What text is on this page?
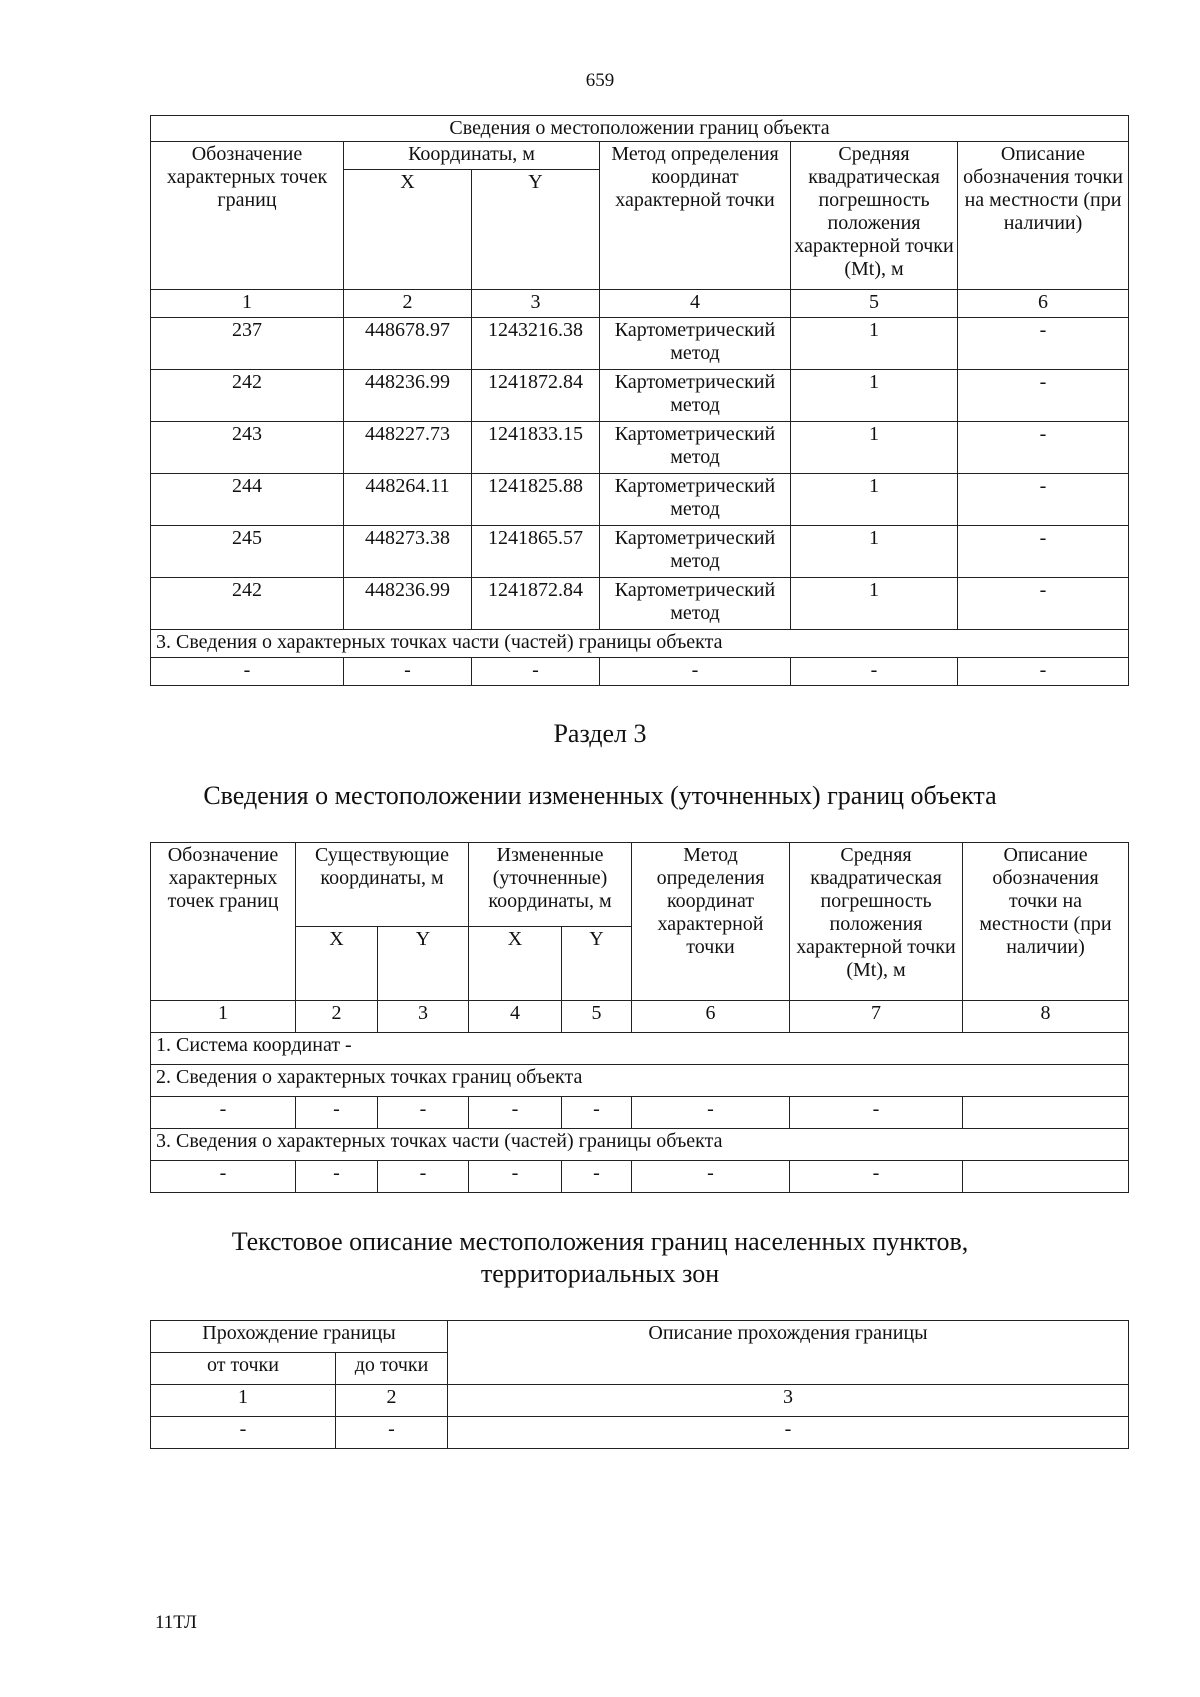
659
Сведения о местоположении границ объекта					
Обозначение характерных точек границ	Координаты, м		Метод определения координат характерной точки	Средняя квадратическая погрешность положения характерной точки (Mt), м	Описание обозначения точки на местности (при наличии)
	X	Y			
1	2	3	4	5	6
237	448678.97	1243216.38	Картометрический метод	1	-
242	448236.99	1241872.84	Картометрический метод	1	-
243	448227.73	1241833.15	Картометрический метод	1	-
244	448264.11	1241825.88	Картометрический метод	1	-
245	448273.38	1241865.57	Картометрический метод	1	-
242	448236.99	1241872.84	Картометрический метод	1	-
3. Сведения о характерных точках части (частей) границы объекта					
-	-	-	-	-	-
Раздел 3
Сведения о местоположении измененных (уточненных) границ объекта
Обозначение характерных точек границ	Существующие координаты, м		Измененные (уточненные) координаты, м		Метод определения координат характерной точки	Средняя квадратическая погрешность положения характерной точки (Mt), м	Описание обозначения точки на местности (при наличии)
	X	Y	X	Y			
1	2	3	4	5	6	7	8
1. Система координат -							
2. Сведения о характерных точках границ объекта							
-	-	-	-	-	-	-	
3. Сведения о характерных точках части (частей) границы объекта							
-	-	-	-	-	-	-	
Текстовое описание местоположения границ населенных пунктов, территориальных зон
Прохождение границы		Описание прохождения границы
от точки	до точки	
1	2	3
-	-	-
11ТЛ
